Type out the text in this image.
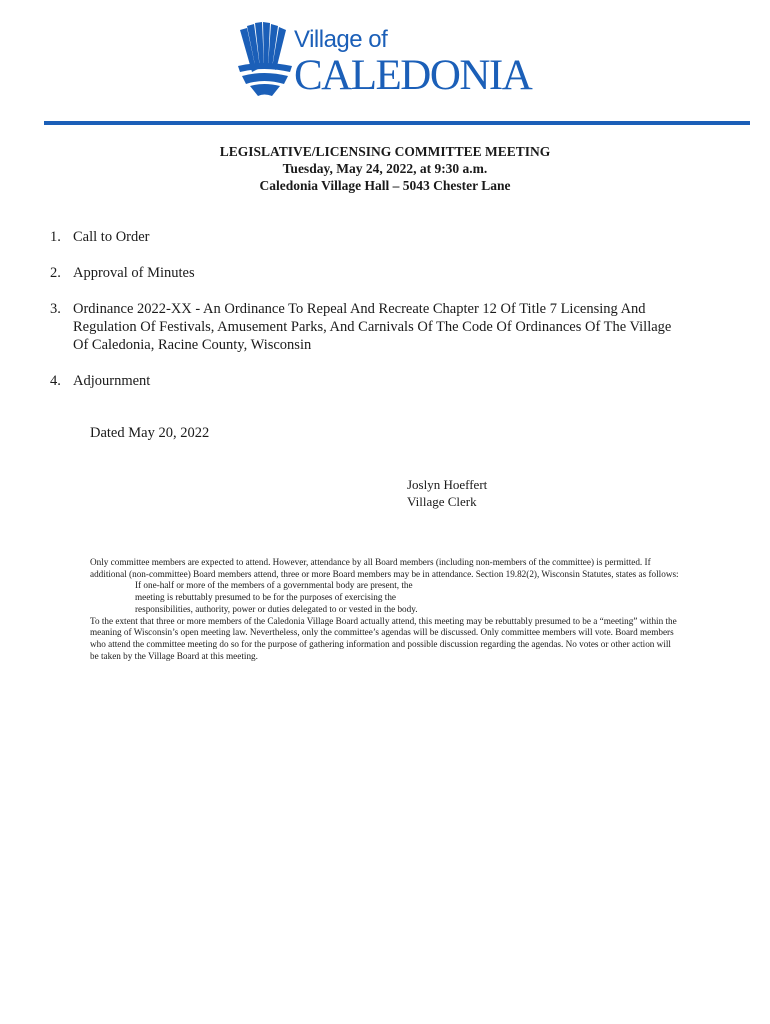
Village of
CALEDONIA
LEGISLATIVE/LICENSING COMMITTEE MEETING
Tuesday, May 24, 2022, at 9:30 a.m.
Caledonia Village Hall – 5043 Chester Lane
1. Call to Order
2. Approval of Minutes
3. Ordinance 2022-XX - An Ordinance To Repeal And Recreate Chapter 12 Of Title 7 Licensing And Regulation Of Festivals, Amusement Parks, And Carnivals Of The Code Of Ordinances Of The Village Of Caledonia, Racine County, Wisconsin
4. Adjournment
Dated May 20, 2022
Joslyn Hoeffert
Village Clerk

Only committee members are expected to attend. However, attendance by all Board members (including non-members of the committee) is permitted. If additional (non-committee) Board members attend, three or more Board members may be in attendance. Section 19.82(2), Wisconsin Statutes, states as follows:

If one-half or more of the members of a governmental body are present, the

meeting is rebuttably presumed to be for the purposes of exercising the

responsibilities, authority, power or duties delegated to or vested in the body.

To the extent that three or more members of the Caledonia Village Board actually attend, this meeting may be rebuttably presumed to be a “meeting” within the meaning of Wisconsin’s open meeting law. Nevertheless, only the committee’s agendas will be discussed. Only committee members will vote. Board members who attend the committee meeting do so for the purpose of gathering information and possible discussion regarding the agendas. No votes or other action will be taken by the Village Board at this meeting.
